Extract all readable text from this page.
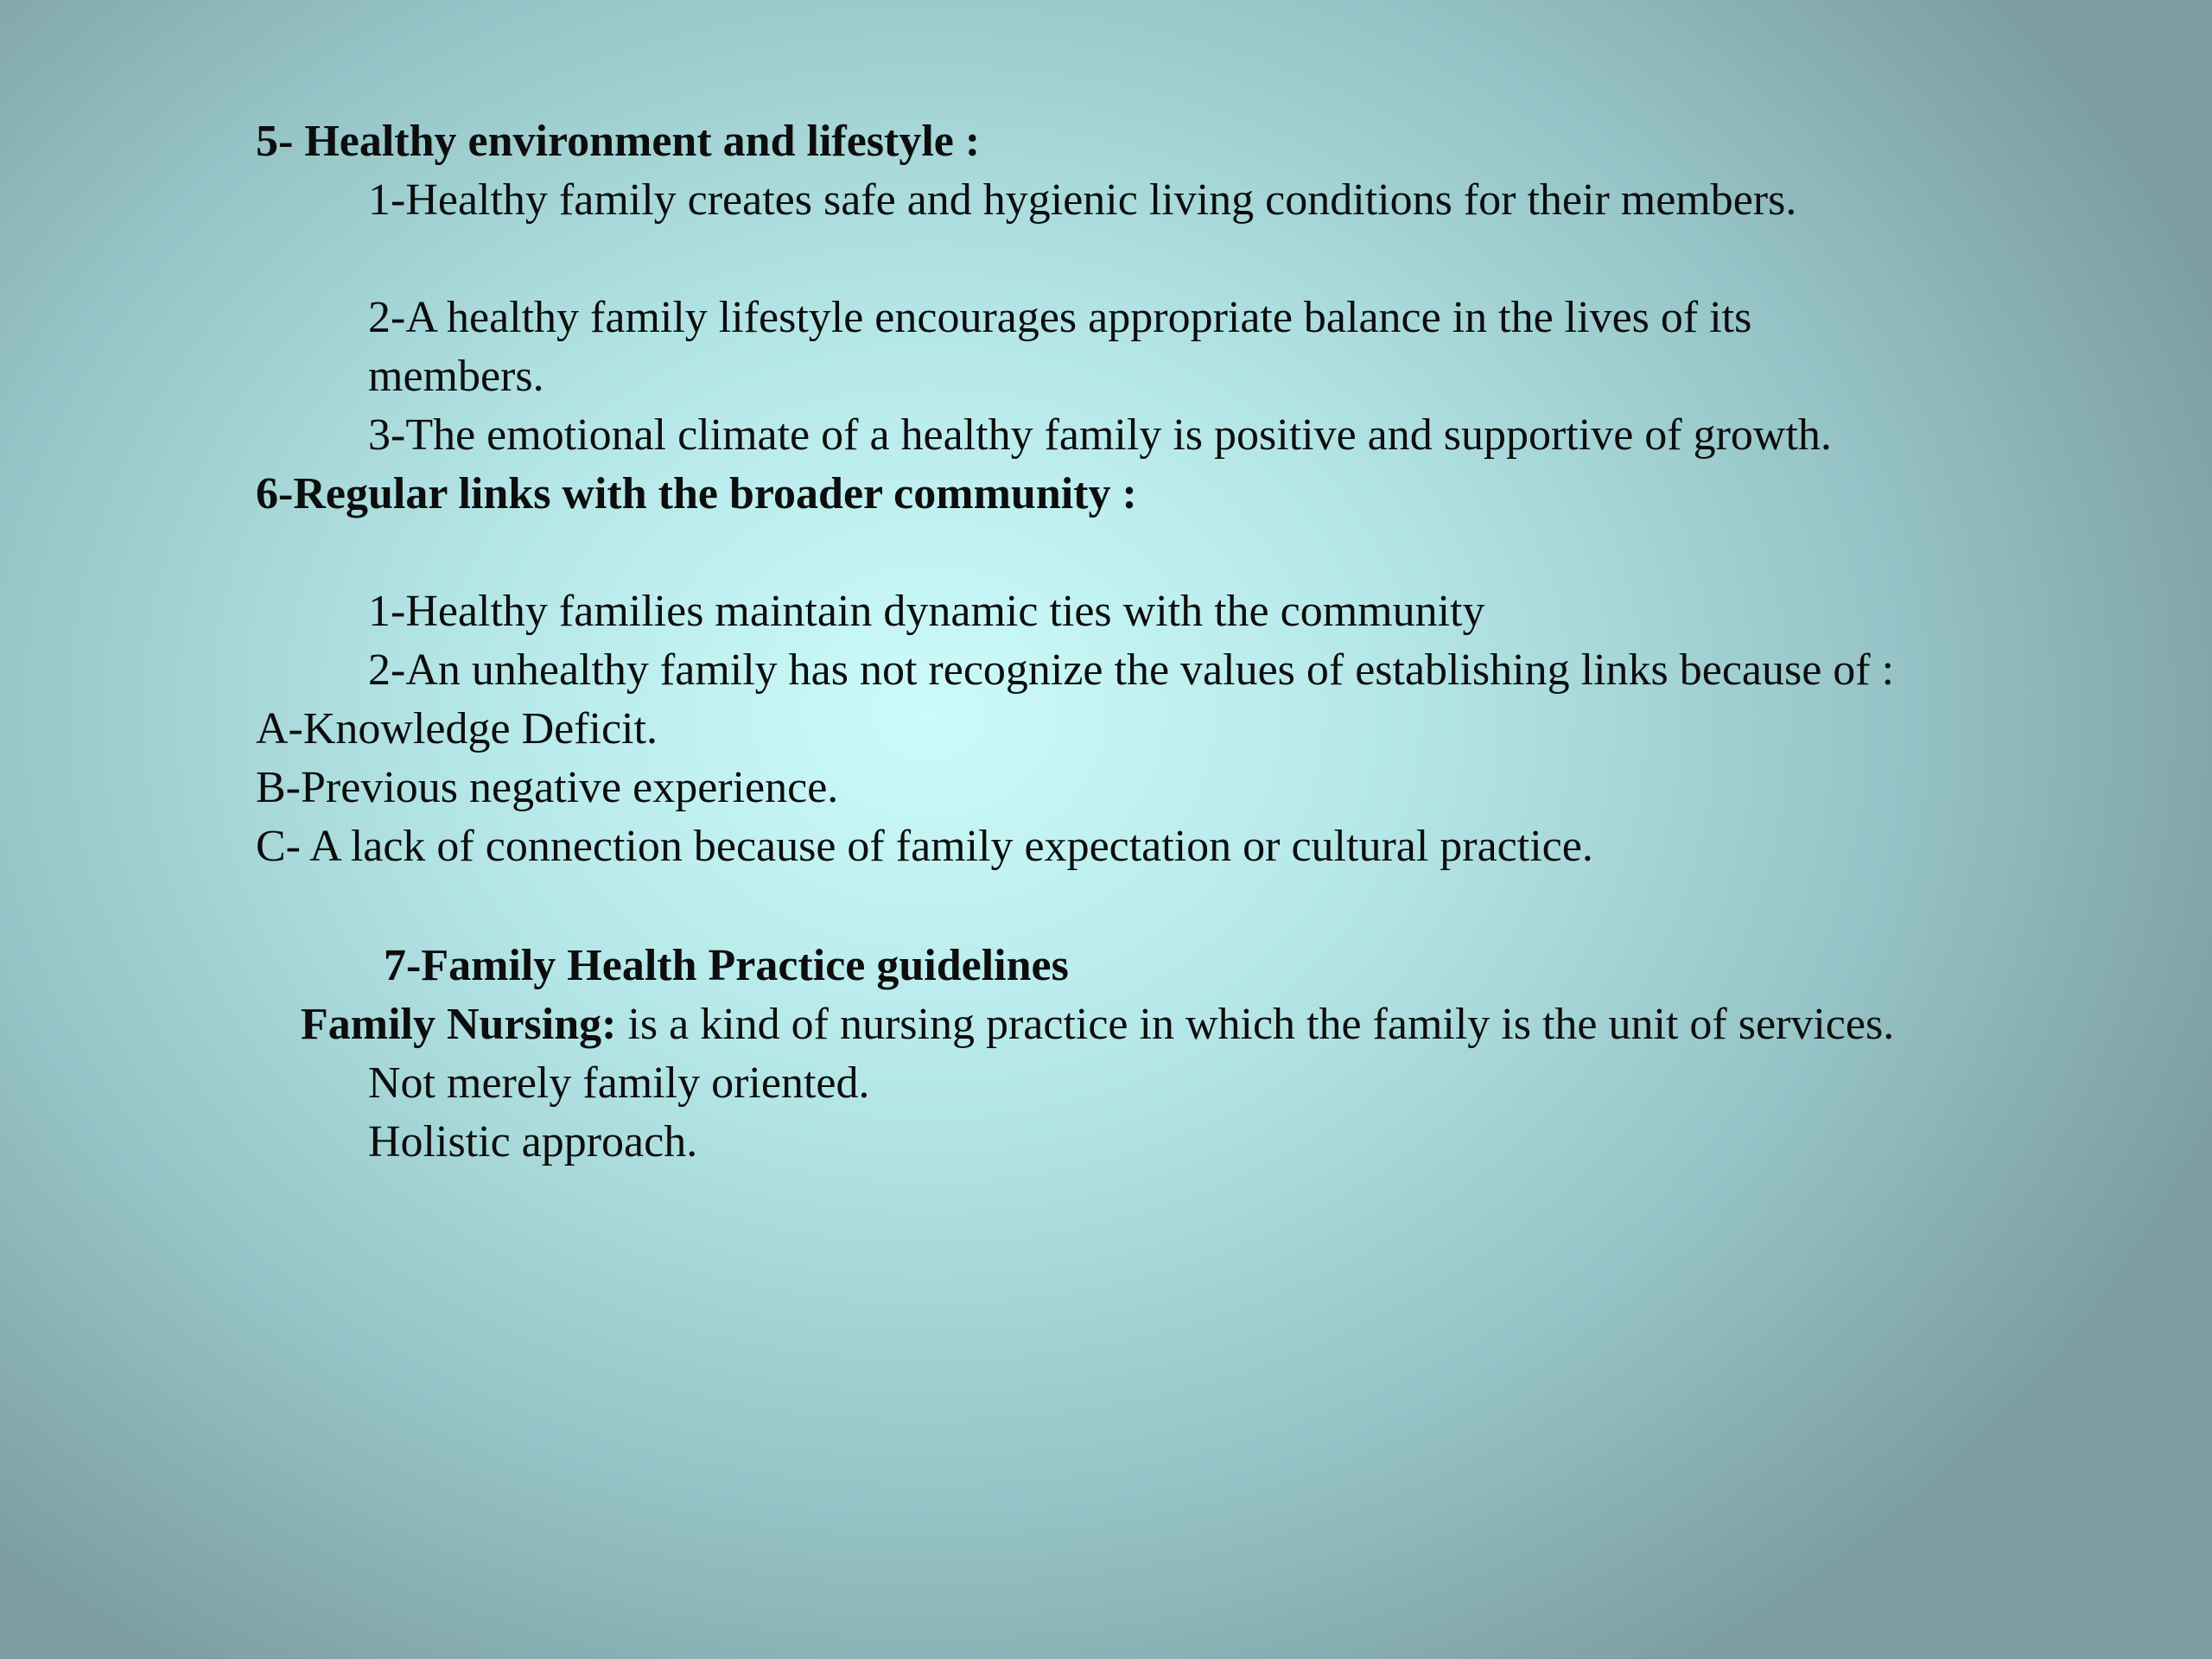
5- Healthy environment and lifestyle :
1-Healthy family creates safe and hygienic living conditions for their members.
2-A healthy family lifestyle encourages appropriate balance in the lives of its
members.
3-The emotional climate of a healthy family is positive and supportive of growth.
6-Regular links with the broader community :
1-Healthy families maintain dynamic ties with the community
2-An unhealthy family has not recognize the values of establishing links because of :
A-Knowledge Deficit.
B-Previous negative experience.
C- A lack of connection because of family expectation or cultural practice.
7-Family Health Practice guidelines
Family Nursing: is a kind of nursing practice in which the family is the unit of services.
Not merely family oriented.
Holistic approach.
